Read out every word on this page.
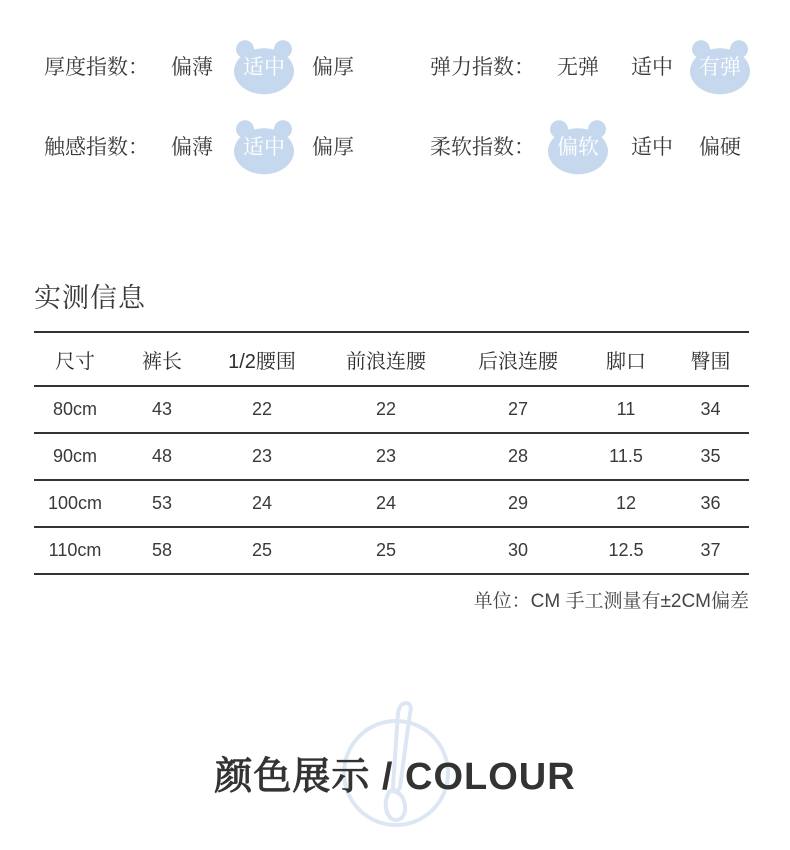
厚度指数： 偏薄 适中 偏厚	弹力指数： 无弹 适中 有弹
触感指数： 偏薄 适中 偏厚	柔软指数： 偏软 适中 偏硬
实测信息
尺寸	裤长	1/2腰围	前浪连腰	后浪连腰	脚口	臀围
80cm	43	22	22	27	11	34
90cm	48	23	23	28	11.5	35
100cm	53	24	24	29	12	36
110cm	58	25	25	30	12.5	37
单位：CM 手工测量有±2CM偏差
颜色展示 / COLOUR
